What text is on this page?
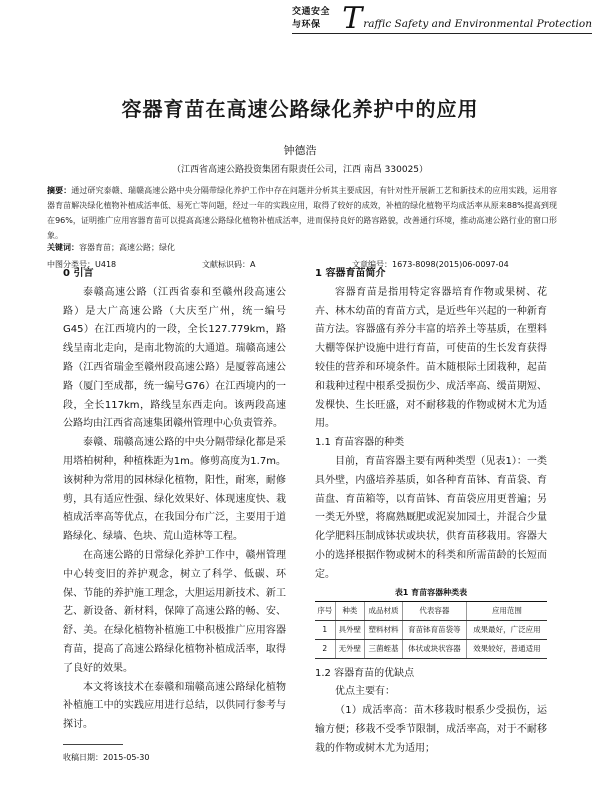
交通安全与环保 T raffic Safety and Environmental Protection
容器育苗在高速公路绿化养护中的应用
钟德浩
（江西省高速公路投资集团有限责任公司，江西 南昌 330025）
摘要：通过研究泰赣、瑞赣高速公路中央分隔带绿化养护工作中存在问题并分析其主要成因，有针对性开展新工艺和新技术的应用实践，运用容器育苗解决绿化植物补植成活率低、易死亡等问题，经过一年的实践应用，取得了较好的成效，补植的绿化植物平均成活率从原来88%提高到现在96%，证明推广应用容器育苗可以提高高速公路绿化植物补植成活率，进而保持良好的路容路貌，改善通行环境，推动高速公路行业的窗口形象。
关键词：容器育苗；高速公路；绿化
中图分类号：U418	文献标识码：A	文章编号：1673-8098(2015)06-0097-04
0 引言
泰赣高速公路（江西省泰和至赣州段高速公路）是大广高速公路（大庆至广州，统一编号G45）在江西境内的一段，全长127.779km，路线呈南北走向，是南北物流的大通道。瑞赣高速公路（江西省瑞金至赣州段高速公路）是厦蓉高速公路（厦门至成都，统一编号G76）在江西境内的一段，全长117km，路线呈东西走向。该两段高速公路均由江西省高速集团赣州管理中心负责管养。
泰赣、瑞赣高速公路的中央分隔带绿化都是采用塔柏树种，种植株距为1m。修剪高度为1.7m。该树种为常用的园林绿化植物，阳性，耐寒，耐修剪，具有适应性强、绿化效果好、体现速度快、栽植成活率高等优点，在我国分布广泛，主要用于道路绿化、绿墙、色块、荒山造林等工程。
在高速公路的日常绿化养护工作中，赣州管理中心转变旧的养护观念，树立了科学、低碳、环保、节能的养护施工理念，大胆运用新技术、新工艺、新设备、新材料，保障了高速公路的畅、安、舒、美。在绿化植物补植施工中积极推广应用容器育苗，提高了高速公路绿化植物补植成活率，取得了良好的效果。
本文将该技术在泰赣和瑞赣高速公路绿化植物补植施工中的实践应用进行总结，以供同行参考与探讨。
1 容器育苗简介
容器育苗是指用特定容器培育作物或果树、花卉、林木幼苗的育苗方式，是近些年兴起的一种新育苗方法。容器盛有养分丰富的培养土等基质，在塑料大棚等保护设施中进行育苗，可使苗的生长发育获得较佳的营养和环境条件。苗木随根际土团栽种，起苗和栽种过程中根系受损伤少、成活率高、缓苗期短、发棵快、生长旺盛，对不耐移栽的作物或树木尤为适用。
1.1 育苗容器的种类
目前，育苗容器主要有两种类型（见表1）：一类具外壁，内盛培养基质，如各种育苗钵、育苗袋、育苗盘、育苗箱等，以育苗钵、育苗袋应用更普遍；另一类无外壁，将腐熟厩肥或泥炭加园土，并混合少量化学肥料压制成钵状或块状，供育苗移栽用。容器大小的选择根据作物或树木的科类和所需苗龄的长短而定。
表1 育苗容器种类表
序号	种类	成品材质	代表容器	应用范围
1	具外壁	塑料材料	育苗钵育苗袋等	成果最好，广泛应用
2	无外壁	三菌蛭基	体状或块状容器	效果较好，普通适用
1.2 容器育苗的优缺点
优点主要有：
（1）成活率高：苗木移栽时根系少受损伤，运输方便；移栽不受季节限制，成活率高，对于不耐移栽的作物或树木尤为适用；
收稿日期：2015-05-30
